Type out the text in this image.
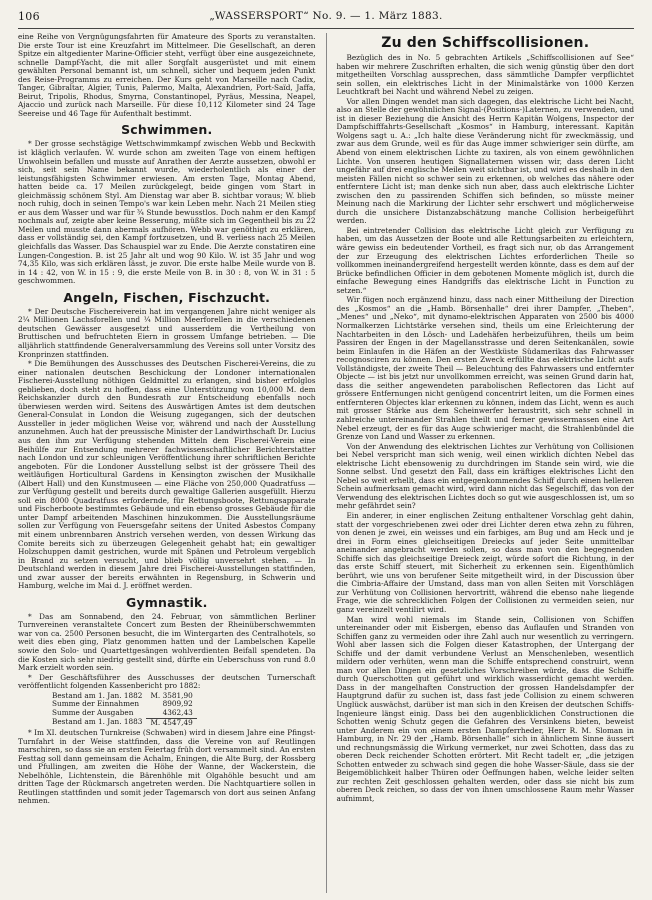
106	„WASSERSPORT“ No. 9. — 1. März 1883.

eine Reihe von Vergnügungsfahrten für Amateure des Sports zu veranstalten. Die erste Tour ist eine Kreuzfahrt im Mittelmeer. Die Gesellschaft, an deren Spitze ein altgedienter Marine-Officier steht, verfügt über eine ausgezeichnete, schnelle Dampf-Yacht, die mit aller Sorgfalt ausgerüstet und mit einem gewählten Personal bemannt ist, um schnell, sicher und bequem jeden Punkt des Reise-Programms zu erreichen. Der Kurs geht von Marseille nach Cadix, Tanger, Gibraltar, Algier, Tunis, Palermo, Malta, Alexandrien, Port-Saïd, Jaffa, Beirut, Tripolis, Rhodus, Smyrna, Constantinopel, Pyräus, Messina, Neapel, Ajaccio und zurück nach Marseille. Für diese 10,112 Kilometer sind 24 Tage Seereise und 46 Tage für Aufenthalt bestimmt.

Schwimmen.

* Der grosse sechstägige Wettschwimmkampf zwischen Webb und Beckwith ist kläglich verlaufen. W. wurde schon am zweiten Tage von einem heftigen Unwohlsein befallen und musste auf Anrathen der Aerzte aussetzen, obwohl er sich, seit sein Name bekannt wurde, wiederholentlich als einer der leistungsfähigsten Schwimmer erwiesen. Am ersten Tage, Montag Abend, hatten beide ca. 17 Meilen zurückgelegt, beide gingen vom Start in gleichmässig schönem Styl. Am Dienstag war aber B. sichtbar voraus; W. blieb noch ruhig, doch in seinen Tempo's war kein Leben mehr. Nach 21 Meilen stieg er aus dem Wasser und war für ¾ Stunde bewusstlos. Doch nahm er den Kampf nochmals auf, zeigte aber keine Besserung, müßte sich im Gegentheil bis zu 22 Meilen und musste dann abermals aufhören. Webb war genöthigt zu erklären, dass er vollständig sei, den Kampf fortzusetzen, und B. verliess nach 25 Meilen gleichfalls das Wasser. Das Schauspiel war zu Ende. Die Aerzte constatiren eine Lungen-Congestion. B. ist 25 Jahr alt und wog 90 Kilo. W. ist 35 Jahr und wog 74,35 Kilo, was sich erklären lässt, je zuvor. Die erste halbe Meile wurde von B. in 14 : 42, von W. in 15 : 9, die erste Meile von B. in 30 : 8, von W. in 31 : 5 geschwommen.

Angeln, Fischen, Fischzucht.

* Der Deutsche Fischereiverein hat im vergangenen Jahre nicht weniger als 2¼ Millionen Lachsforellen und ¼ Million Meerforellen in die verschiedenen deutschen Gewässer ausgesetzt und ausserdem die Vertheilung von Bruttischen und befruchteten Eiern in grossem Umfange betrieben. — Die alljährlich stattfindende Generalversammlung des Vereins soll unter Vorsitz des Kronprinzen stattfinden.

* Die Bemühungen des Ausschusses des Deutschen Fischerei-Vereins, die zu einer nationalen deutschen Beschickung der Londoner internationalen Fischerei-Ausstellung nöthigen Geldmittel zu erlangen, sind bisher erfolglos geblieben, doch steht zu hoffen, dass eine Unterstützung von 10,000 M. dem Reichskanzler durch den Bundesrath zur Entscheidung ebenfalls noch überwiesen werden wird. Seitens des Auswärtigen Amtes ist dem deutschen General-Consulat in London die Weisung zugegangen, sich der deutschen Aussteller in jeder möglichen Weise vor, während und nach der Ausstellung anzunehmen. Auch hat der preussische Minister der Landwirthschaft Dr. Lucius aus den ihm zur Verfügung stehenden Mitteln dem Fischerei-Verein eine Beihülfe zur Entsendung mehrerer fachwissenschaftlicher Berichterstatter nach London und zur schleunigen Veröffentlichung ihrer schriftlichen Berichte angeboten. Für die Londoner Ausstellung selbst ist der grössere Theil des weitläufigen Horticultural Gardens in Kensington zwischen der Musikhalle (Albert Hall) und den Kunstmuseen — eine Fläche von 250,000 Quadratfuss — zur Verfügung gestellt und bereits durch gewaltige Gallerien ausgefüllt. Hierzu soll ein 8000 Quadratfuss erfordernde, für Rettungsboote, Rettungsapparate und Fischerboote bestimmtes Gebäude und ein ebenso grosses Gebäude für die unter Dampf arbeitenden Maschinen hinzukommen. Die Ausstellungsräume sollen zur Verfügung von Feuersgefahr seitens der United Asbestos Company mit einem unbrennbaren Anstrich versehen werden, von dessen Wirkung das Comite bereits sich zu überzeugen Gelegenheit gehabt hat; ein gewaltiger Holzschuppen damit gestrichen, wurde mit Spänen und Petroleum vergeblich in Brand zu setzen versucht, und blieb völlig unversehrt stehen. — In Deutschland werden in diesem Jahre drei Fischerei-Ausstellungen stattfinden, und zwar ausser der bereits erwähnten in Regensburg, in Schwerin und Hamburg, welche im Mai d. J. eröffnet werden.

Gymnastik.

* Das am Sonnabend, den 24. Februar, von sämmtlichen Berliner Turnvereinen veranstaltete Concert zum Besten der Rheinüberschwemmten war von ca. 2500 Personen besucht, die im Wintergarten des Centralhotels, so weit dies eben ging, Platz genommen hatten und der Lambelschen Kapelle sowie den Solo- und Quartettgesängen wohlverdienten Beifall spendeten. Da die Kosten sich sehr niedrig gestellt sind, dürfte ein Ueberschuss von rund 8.0 Mark erzielt worden sein.

* Der Geschäftsführer des Ausschusses der deutschen Turnerschaft veröffentlicht folgenden Kassenbericht pro 1882:

Bestand am 1. Jan. 1882	M. 3581,90
Summe der Einnahmen	8909,92
Summe der Ausgaben	4362,43
Bestand am 1. Jan. 1883	M. 4547,49

* Im XI. deutschen Turnkreise (Schwaben) wird in diesem Jahre eine Pfingst-Turnfahrt in der Weise stattfinden, dass die Vereine von auf Reutlingen marschiren, so dass sie an ersten Feiertag früh dort versammelt sind. An ersten Festtag soll dann gemeinsam die Achalm, Eningen, die Alte Burg, der Rossberg und Pfullingen, am zweiten die Höhe der Wanne, der Wackerstein, die Nebelhöhle, Lichtenstein, die Bärenhöhle mit Olgahöhle besucht und am dritten Tage der Rückmarsch angetreten werden. Die Nachtquartiere sollen in Reutlingen stattfinden und somit jeder Tagemarsch von dort aus seinen Anfang nehmen.

Zu den Schiffscollisionen.

Bezüglich des in No. 5 gebrachten Artikels „Schiffscollisionen auf See“ haben wir mehrere Zuschriften erhalten, die sich wenig günstig über den dort mitgetheilten Vorschlag aussprechen, dass sämmtliche Dampfer verpflichtet sein sollen, ein elektrisches Licht in der Minimalstärke von 1000 Kerzen Leuchtkraft bei Nacht und während Nebel zu zeigen.

Vor allen Dingen wendet man sich dagegen, das elektrische Licht bei Nacht, also an Stelle der gewöhnlichen Signal-(Positions-)Laternen, zu verwenden, und ist in dieser Beziehung die Ansicht des Herrn Kapitän Wolgens, Inspector der Dampfschifffahrts-Gesellschaft „Kosmos“ in Hamburg, interessant. Kapitän Wolgens sagt u. A.: „Ich halte diese Veränderung nicht für zweckmässig, und zwar aus dem Grunde, weil es für das Auge immer schwieriger sein dürfte, am Abend von einem elektrischen Lichte zu taxiren, als von einem gewöhnlichen Lichte. Von unseren heutigen Signallaternen wissen wir, dass deren Licht ungefähr auf drei englische Meilen weit sichtbar ist, und wird es deshalb in den meisten Fällen nicht so schwer sein zu erkennen, ob welches das nähere oder entferntere Licht ist; man denke sich nun aber, dass auch elektrische Lichter zwischen den zu passirenden Schiffen sich befinden, so müsste meiner Meinung nach die Markirung der Lichter sehr erschwert und möglicherweise durch die unsichere Distanzabschätzung manche Collision herbeigeführt werden.

Bei eintretender Collision das elektrische Licht gleich zur Verfügung zu haben, um das Aussetzen der Boote und alle Rettungsarbeiten zu erleichtern, wäre gewiss ein bedeutender Vortheil, es fragt sich nur, ob das Arrangement der zur Erzeugung des elektrischen Lichtes erforderlichen Theile so vollkommen ineinandergreifend hergestellt werden könnte, dass es dem auf der Brücke befindlichen Officier in dem gebotenen Momente möglich ist, durch die einfache Bewegung eines Handgriffs das elektrische Licht in Function zu setzen.“

Wir fügen noch ergänzend hinzu, dass nach einer Mittheilung der Direction des „Kosmos“ an die „Hamb. Börsenhalle“ drei ihrer Dampfer, „Theben“, „Menes“ und „Neko“, mit dynamo-elektrischen Apparaten von 2500 bis 4000 Normalkerzen Lichtstärke versehen sind, theils um eine Erleichterung der Nachtarbeiten in den Lösch- und Ladehäfen herbeizuführen, theils um beim Passiren der Engen in der Magellansstrasse und deren Seitenkanälen, sowie beim Einlaufen in die Häfen an der Westküste Südamerikas das Fahrwasser recognosciren zu können. Den ersten Zweck erfüllte das elektrische Licht aufs Vollständigste, der zweite Theil — Beleuchtung des Fahrwassers und entfernter Objecte — ist bis jetzt nur unvollkommen erreicht, was seinen Grund darin hat, dass die seither angewendeten parabolischen Reflectoren das Licht auf grössere Entfernungen nicht genügend concentrirt leiten, um die Formen eines entfernteren Objectes klar erkennen zu können, indem das Licht, wenn es auch mit grosser Stärke aus dem Scheinwerfer heraustritt, sich sehr schnell in zahlreiche untereinander Strahlen theilt und ferner gewissermassen eine Art Nebel erzeugt, der es für das Auge schwieriger macht, die Strahlenbündel die Grenze von Land und Wasser zu erkennen.

Von der Anwendung des elektrischen Lichtes zur Verhütung von Collisionen bei Nebel verspricht man sich wenig, weil einen wirklich dichten Nebel das elektrische Licht ebensowenig zu durchdringen im Stande sein wird, wie die Sonne selbst. Und gesetzt den Fall, dass ein kräftiges elektrisches Licht den Nebel so weit erhellt, dass ein entgegenkommendes Schiff durch einen helleren Schein aufmerksam gemacht wird, wird dann nicht das Segelschiff, das von der Verwendung des elektrischen Lichtes doch so gut wie ausgeschlossen ist, um so mehr gefährdet sein?

Ein anderer, in einer englischen Zeitung enthaltener Vorschlag geht dahin, statt der vorgeschriebenen zwei oder drei Lichter deren etwa zehn zu führen, von denen je zwei, ein weisses und ein farbiges, am Bug und am Heck und je drei in Form eines gleichseitigen Dreiecks auf jeder Seite unmittelbar aneinander angebracht werden sollen, so dass man von den begegnenden Schiffe sich das gleichseitige Dreieck zeigt, würde sofort die Richtung, in der das erste Schiff steuert, mit Sicherheit zu erkennen sein. Eigenthümlich berührt, wie uns von berufener Seite mitgetheilt wird, in der Discussion über die Cimbria-Affaire der Umstand, dass man von allen Seiten mit Vorschlägen zur Verhütung von Collisionen hervortritt, während die ebenso nahe liegende Frage, wie die schrecklichen Folgen der Collisionen zu vermeiden seien, nur ganz vereinzelt ventilirt wird.

Man wird wohl niemals im Stande sein, Collisionen von Schiffen untereinander oder mit Eisbergen, ebenso das Auflaufen und Stranden von Schiffen ganz zu vermeiden oder ihre Zahl auch nur wesentlich zu verringern. Wohl aber lassen sich die Folgen dieser Katastrophen, der Untergang der Schiffe und der damit verbundene Verlust an Menschenleben, wesentlich mildern oder verhüten, wenn man die Schiffe entsprechend construirt, wenn man vor allen Dingen ein gesetzliches Vorschreiben würde, dass die Schiffe durch Querschotten gut geführt und wirklich wasserdicht gemacht werden. Dass in der mangelhaften Construction der grossen Handelsdampfer der Hauptgrund dafür zu suchen ist, dass fast jede Collision zu einem schweren Unglück auswächst, darüber ist man sich in den Kreisen der deutschen Schiffs-Ingenieure längst einig. Dass bei den augenblicklichen Constructionen die Schotten wenig Schutz gegen die Gefahren des Versinkens bieten, beweist unter Anderem ein von einem ersten Dampferrheder, Herr R. M. Sloman in Hamburg, in Nr. 29 der „Hamb. Börsenhalle“ sich in ähnlichem Sinne äussert und rechnungsmässig die Wirkung vermerket, nur zwei Schotten, dass das zu oberen Deck reichender Schotten erörtert. Mit Recht tadelt er, „die jetzigen Schotten entweder zu schwach sind gegen die hohe Wasser-Säule, dass sie der Beigemöblichkeit halber Thüren oder Oeffnungen haben, welche leider selten zur rechten Zeit geschlossen gehalten werden, oder dass sie nicht bis zum oberen Deck reichen, so dass der von ihnen umschlossene Raum mehr Wasser aufnimmt,
